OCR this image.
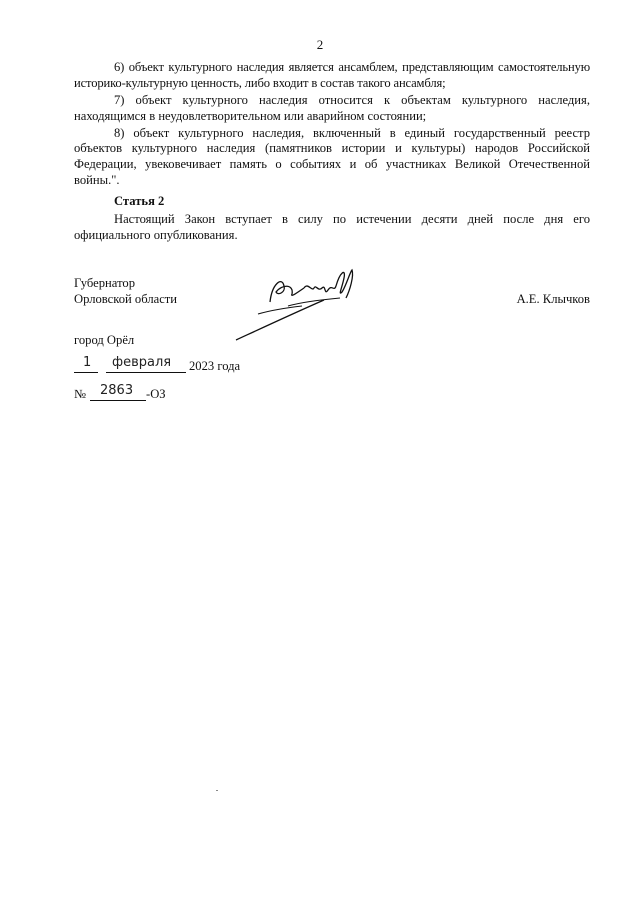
2

6) объект культурного наследия является ансамблем, представляющим самостоятельную историко-культурную ценность, либо входит в состав такого ансамбля;

7) объект культурного наследия относится к объектам культурного наследия, находящимся в неудовлетворительном или аварийном состоянии;

8) объект культурного наследия, включенный в единый государственный реестр объектов культурного наследия (памятников истории и культуры) народов Российской Федерации, увековечивает память о событиях и об участниках Великой Отечественной войны.".

Статья 2

Настоящий Закон вступает в силу по истечении десяти дней после дня его официального опубликования.

Губернатор
Орловской области	А.Е. Клычков
город Орёл
1 февраля 2023 года
№ 2863 -ОЗ
